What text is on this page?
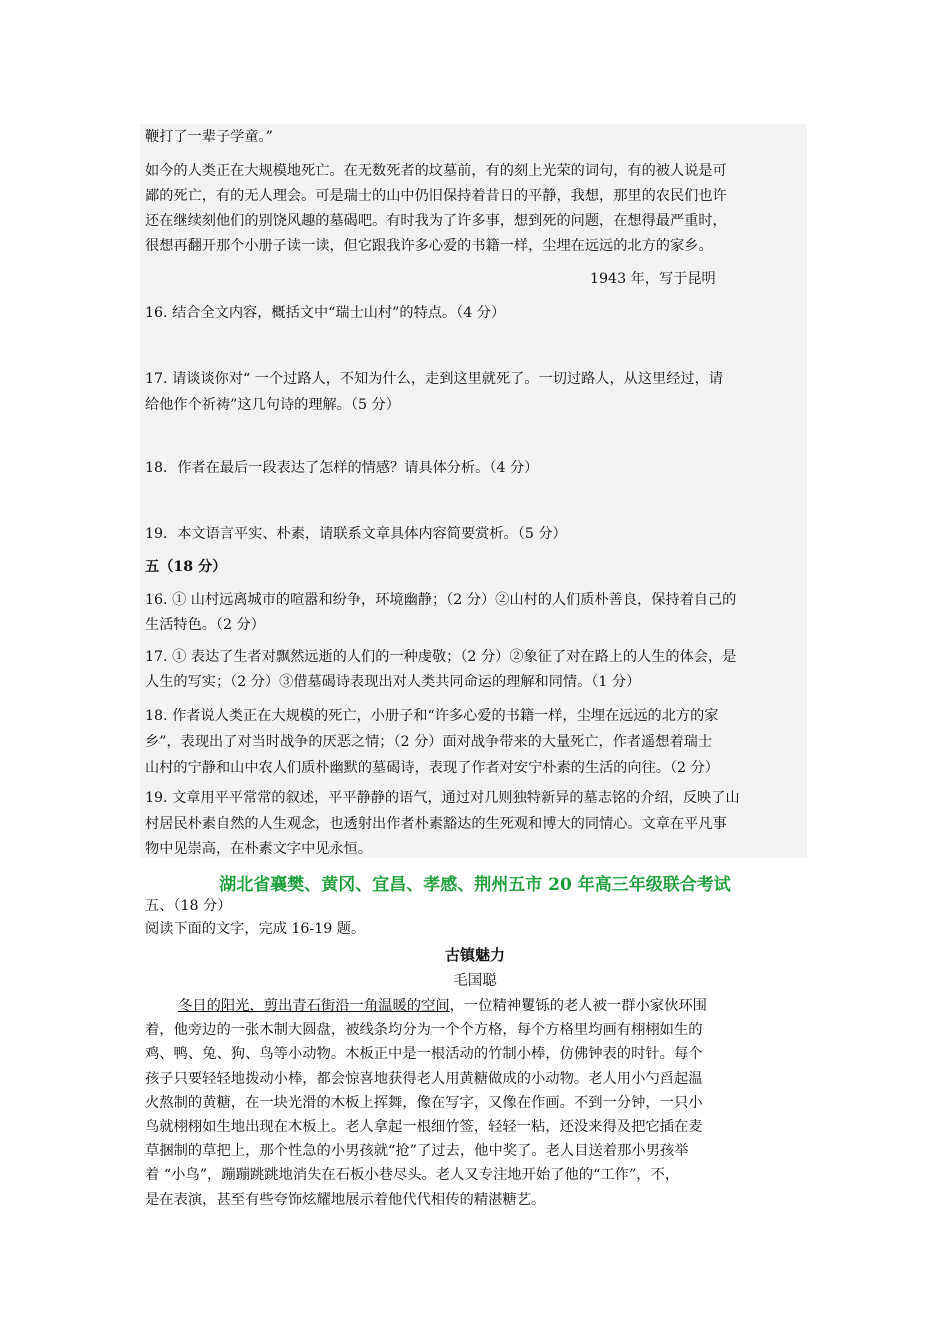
鞭打了一辈子学童。”

如今的人类正在大规模地死亡。在无数死者的坟墓前，有的刻上光荣的词句，有的被人说是可

鄙的死亡，有的无人理会。可是瑞士的山中仍旧保持着昔日的平静，我想，那里的农民们也许

还在继续刻他们的别饶风趣的墓碣吧。有时我为了许多事，想到死的问题，在想得最严重时，

很想再翻开那个小册子读一读，但它跟我许多心爱的书籍一样，尘埋在远远的北方的家乡。

1943 年，写于昆明
16. 结合全文内容，概括文中“瑞士山村”的特点。（4 分）

17. 请谈谈你对“ 一个过路人，不知为什么，走到这里就死了。一切过路人，从这里经过，请

给他作个祈祷”这几句诗的理解。（5 分）

18．作者在最后一段表达了怎样的情感？请具体分析。（4 分）
19．本文语言平实、朴素，请联系文章具体内容简要赏析。（5 分）
五（18 分）

16. ① 山村远离城市的喧嚣和纷争，环境幽静；（2 分）②山村的人们质朴善良，保持着自己的

生活特色。（2 分）

17. ① 表达了生者对飘然远逝的人们的一种虔敬；（2 分）②象征了对在路上的人生的体会，是

人生的写实；（2 分）③借墓碣诗表现出对人类共同命运的理解和同情。（1 分）

18. 作者说人类正在大规模的死亡，小册子和“许多心爱的书籍一样，尘埋在远远的北方的家

乡”，表现出了对当时战争的厌恶之情；（2 分）面对战争带来的大量死亡，作者遥想着瑞士

山村的宁静和山中农人们质朴幽默的墓碣诗，表现了作者对安宁朴素的生活的向往。（2 分）

19. 文章用平平常常的叙述，平平静静的语气，通过对几则独特新异的墓志铭的介绍，反映了山

村居民朴素自然的人生观念，也透射出作者朴素豁达的生死观和博大的同情心。文章在平凡事

物中见崇高，在朴素文字中见永恒。

湖北省襄樊、黄冈、宜昌、孝感、荆州五市 20 年高三年级联合考试
五、（18 分）
阅读下面的文字，完成 16-19 题。
古镇魅力
毛国聪

冬日的阳光，剪出青石街沿一角温暖的空间，一位精神矍铄的老人被一群小家伙环围

着，他旁边的一张木制大圆盘，被线条均分为一个个方格，每个方格里均画有栩栩如生的

鸡、鸭、兔、狗、鸟等小动物。木板正中是一根活动的竹制小棒，仿佛钟表的时针。每个

孩子只要轻轻地拨动小棒，都会惊喜地获得老人用黄糖做成的小动物。老人用小勺舀起温

火熬制的黄糖，在一块光滑的木板上挥舞，像在写字，又像在作画。不到一分钟，一只小

鸟就栩栩如生地出现在木板上。老人拿起一根细竹签，轻轻一粘，还没来得及把它插在麦

草捆制的草把上，那个性急的小男孩就“抢”了过去，他中奖了。老人目送着那小男孩举

着 “小鸟”，蹦蹦跳跳地消失在石板小巷尽头。老人又专注地开始了他的“工作”，不，

是在表演，甚至有些夸饰炫耀地展示着他代代相传的精湛糖艺。
